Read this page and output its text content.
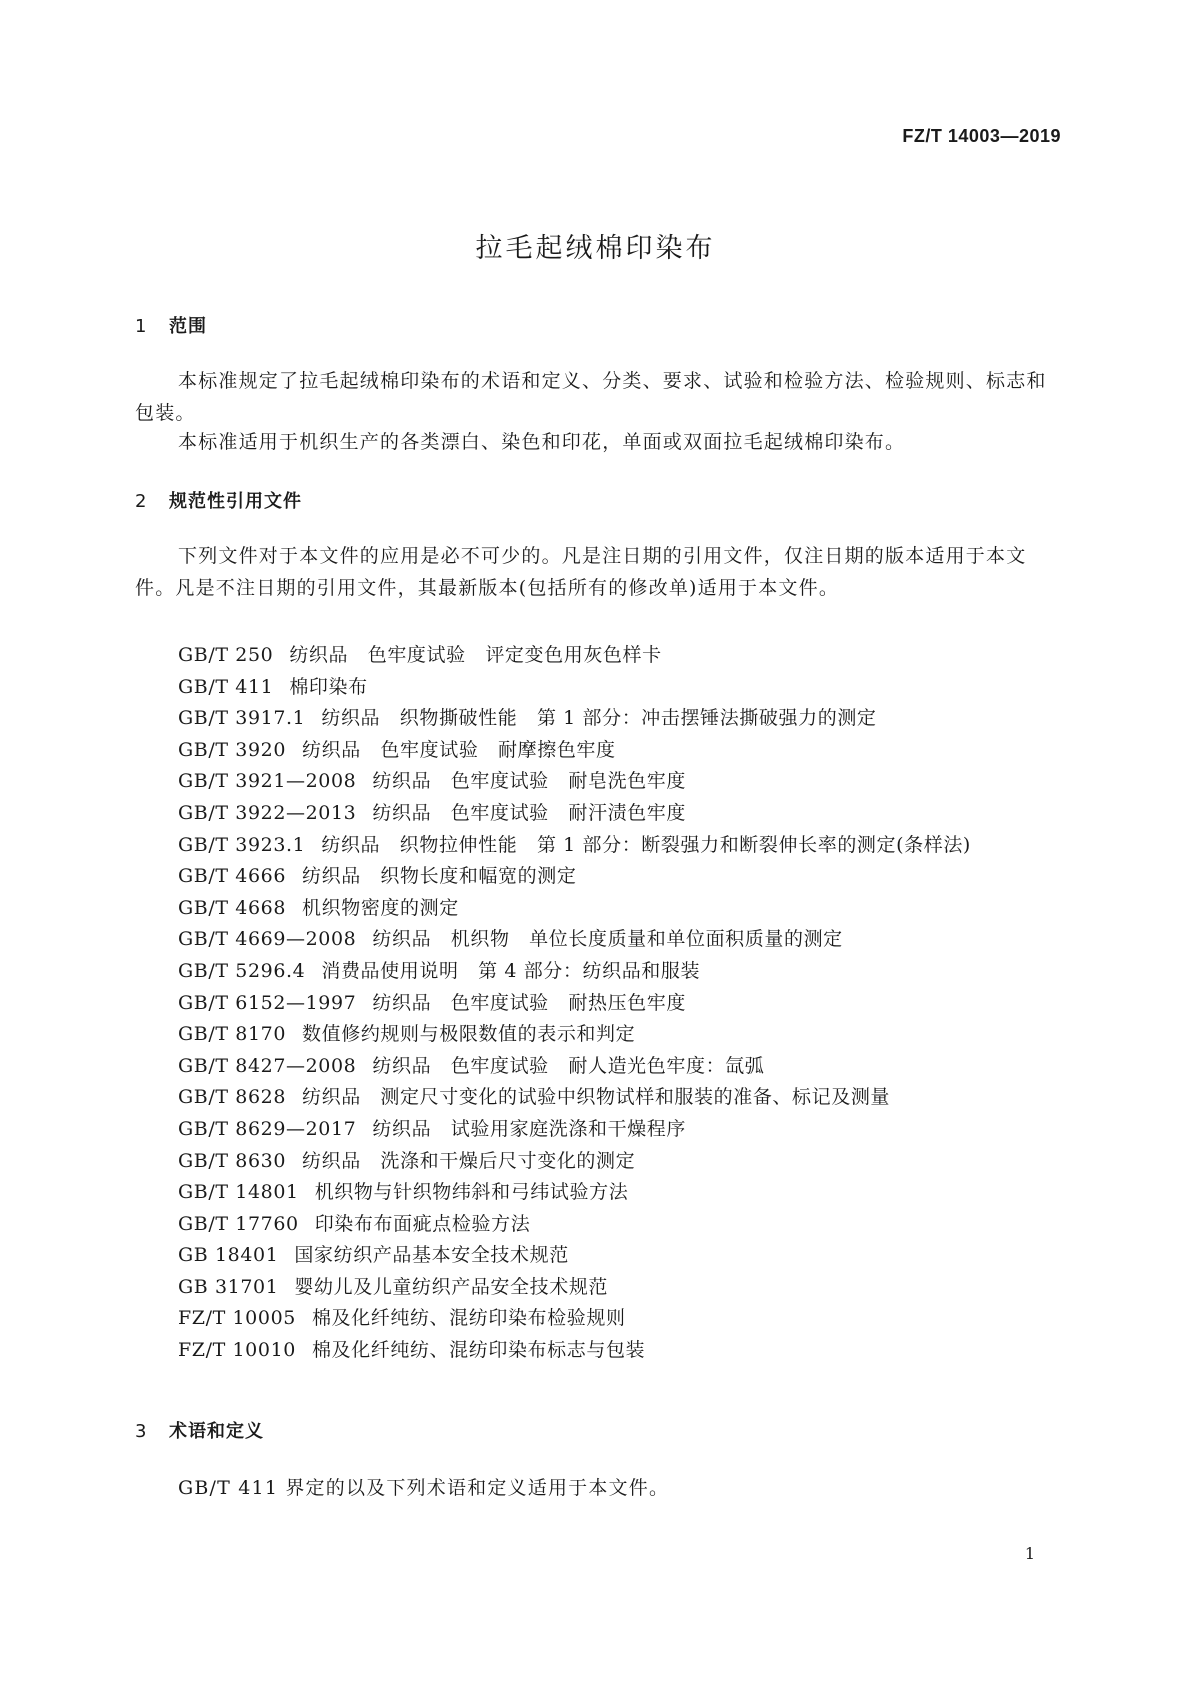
FZ/T 14003—2019
拉毛起绒棉印染布
1 范围
本标准规定了拉毛起绒棉印染布的术语和定义、分类、要求、试验和检验方法、检验规则、标志和包装。
本标准适用于机织生产的各类漂白、染色和印花，单面或双面拉毛起绒棉印染布。
2 规范性引用文件
下列文件对于本文件的应用是必不可少的。凡是注日期的引用文件，仅注日期的版本适用于本文件。凡是不注日期的引用文件，其最新版本(包括所有的修改单)适用于本文件。
GB/T 250 纺织品　色牢度试验　评定变色用灰色样卡
GB/T 411 棉印染布
GB/T 3917.1 纺织品　织物撕破性能　第 1 部分：冲击摆锤法撕破强力的测定
GB/T 3920 纺织品　色牢度试验　耐摩擦色牢度
GB/T 3921—2008 纺织品　色牢度试验　耐皂洗色牢度
GB/T 3922—2013 纺织品　色牢度试验　耐汗渍色牢度
GB/T 3923.1 纺织品　织物拉伸性能　第 1 部分：断裂强力和断裂伸长率的测定(条样法)
GB/T 4666 纺织品　织物长度和幅宽的测定
GB/T 4668 机织物密度的测定
GB/T 4669—2008 纺织品　机织物　单位长度质量和单位面积质量的测定
GB/T 5296.4 消费品使用说明　第 4 部分：纺织品和服装
GB/T 6152—1997 纺织品　色牢度试验　耐热压色牢度
GB/T 8170 数值修约规则与极限数值的表示和判定
GB/T 8427—2008 纺织品　色牢度试验　耐人造光色牢度：氙弧
GB/T 8628 纺织品　测定尺寸变化的试验中织物试样和服装的准备、标记及测量
GB/T 8629—2017 纺织品　试验用家庭洗涤和干燥程序
GB/T 8630 纺织品　洗涤和干燥后尺寸变化的测定
GB/T 14801 机织物与针织物纬斜和弓纬试验方法
GB/T 17760 印染布布面疵点检验方法
GB 18401 国家纺织产品基本安全技术规范
GB 31701 婴幼儿及儿童纺织产品安全技术规范
FZ/T 10005 棉及化纤纯纺、混纺印染布检验规则
FZ/T 10010 棉及化纤纯纺、混纺印染布标志与包装
3 术语和定义
GB/T 411 界定的以及下列术语和定义适用于本文件。
1
